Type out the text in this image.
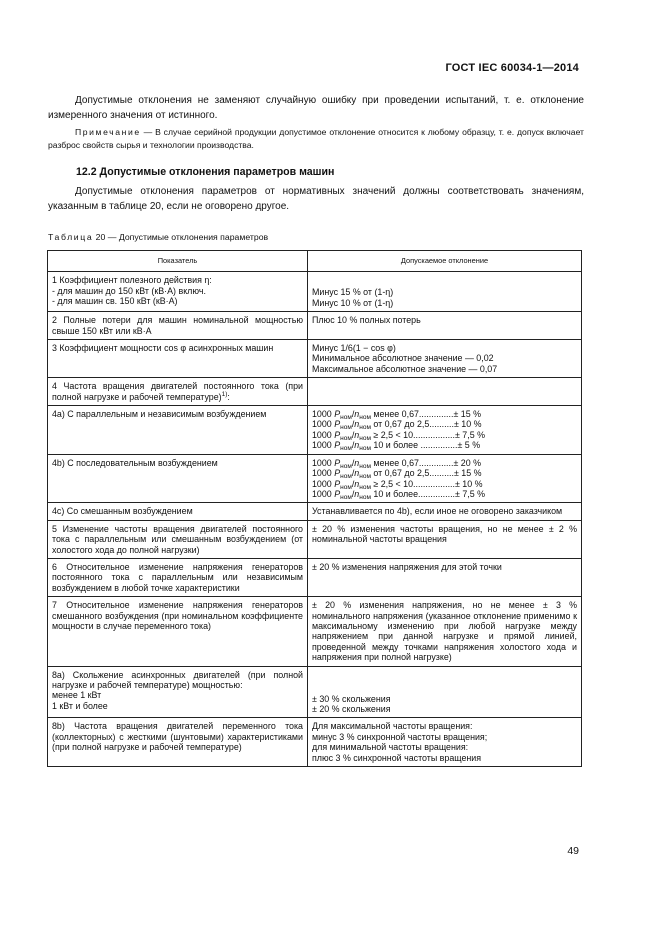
ГОСТ IEC 60034-1—2014
Допустимые отклонения не заменяют случайную ошибку при проведении испытаний, т. е. отклонение измеренного значения от истинного.
Примечание — В случае серийной продукции допустимое отклонение относится к любому образцу, т. е. допуск включает разброс свойств сырья и технологии производства.
12.2 Допустимые отклонения параметров машин
Допустимые отклонения параметров от нормативных значений должны соответствовать значениям, указанным в таблице 20, если не оговорено другое.
Таблица 20 — Допустимые отклонения параметров
Показатель	Допускаемое отклонение

1 Коэффициент полезного действия η:
- для машин до 150 кВт (кВ·А) включ.
- для машин св. 150 кВт (кВ·А)	Минус 15 % от (1-η)
Минус 10 % от (1-η)

2 Полные потери для машин номинальной мощностью свыше 150 кВт или кВ·А	Плюс 10 % полных потерь
3 Коэффициент мощности cos φ асинхронных машин	Минус 1/6(1 − cos φ)
Минимальное абсолютное значение — 0,02
Максимальное абсолютное значение — 0,07

4 Частота вращения двигателей постоянного тока (при полной нагрузке и рабочей температуре)$^{1)}$:	
4а) С параллельным и независимым возбуждением	1000 $P_{ном}/n_{ном}$ менее 0,67..............± 15 %
1000 $P_{ном}/n_{ном}$ от 0,67 до 2,5..........± 10 %
1000 $P_{ном}/n_{ном} \ge 2,5 < 10.................\pm 7,5$ %
1000 $P_{ном}/n_{ном}$ 10 и более ...............± 5 %

4b) С последовательным возбуждением	1000 $P_{ном}/n_{ном}$ менее 0,67..............± 20 %
1000 $P_{ном}/n_{ном}$ от 0,67 до 2,5..........± 15 %
1000 $P_{ном}/n_{ном} \ge 2,5 < 10.................\pm 10$ %
1000 $P_{ном}/n_{ном}$ 10 и более...............± 7,5 %

4c) Со смешанным возбуждением	Устанавливается по 4b), если иное не оговорено заказчиком
5 Изменение частоты вращения двигателей постоянного тока с параллельным или смешанным возбуждением (от холостого хода до полной нагрузки)	± 20 % изменения частоты вращения, но не менее ± 2 % номинальной частоты вращения
6 Относительное изменение напряжения генераторов постоянного тока с параллельным или независимым возбуждением в любой точке характеристики	± 20 % изменения напряжения для этой точки
7 Относительное изменение напряжения генераторов смешанного возбуждения (при номинальном коэффициенте мощности в случае переменного тока)	± 20 % изменения напряжения, но не менее ± 3 % номинального напряжения (указанное отклонение применимо к максимальному изменению при любой нагрузке между напряжением при данной нагрузке и прямой линией, проведенной между точками напряжения холостого хода и напряжения при полной нагрузке)

8а) Скольжение асинхронных двигателей (при полной нагрузке и рабочей температуре) мощностью:
менее 1 кВт
1 кВт и более	± 30 % скольжения
± 20 % скольжения

8b) Частота вращения двигателей переменного тока (коллекторных) с жесткими (шунтовыми) характеристиками (при полной нагрузке и рабочей температуре)	Для максимальной частоты вращения:
минус 3 % синхронной частоты вращения;
для минимальной частоты вращения:
плюс 3 % синхронной частоты вращения
49
